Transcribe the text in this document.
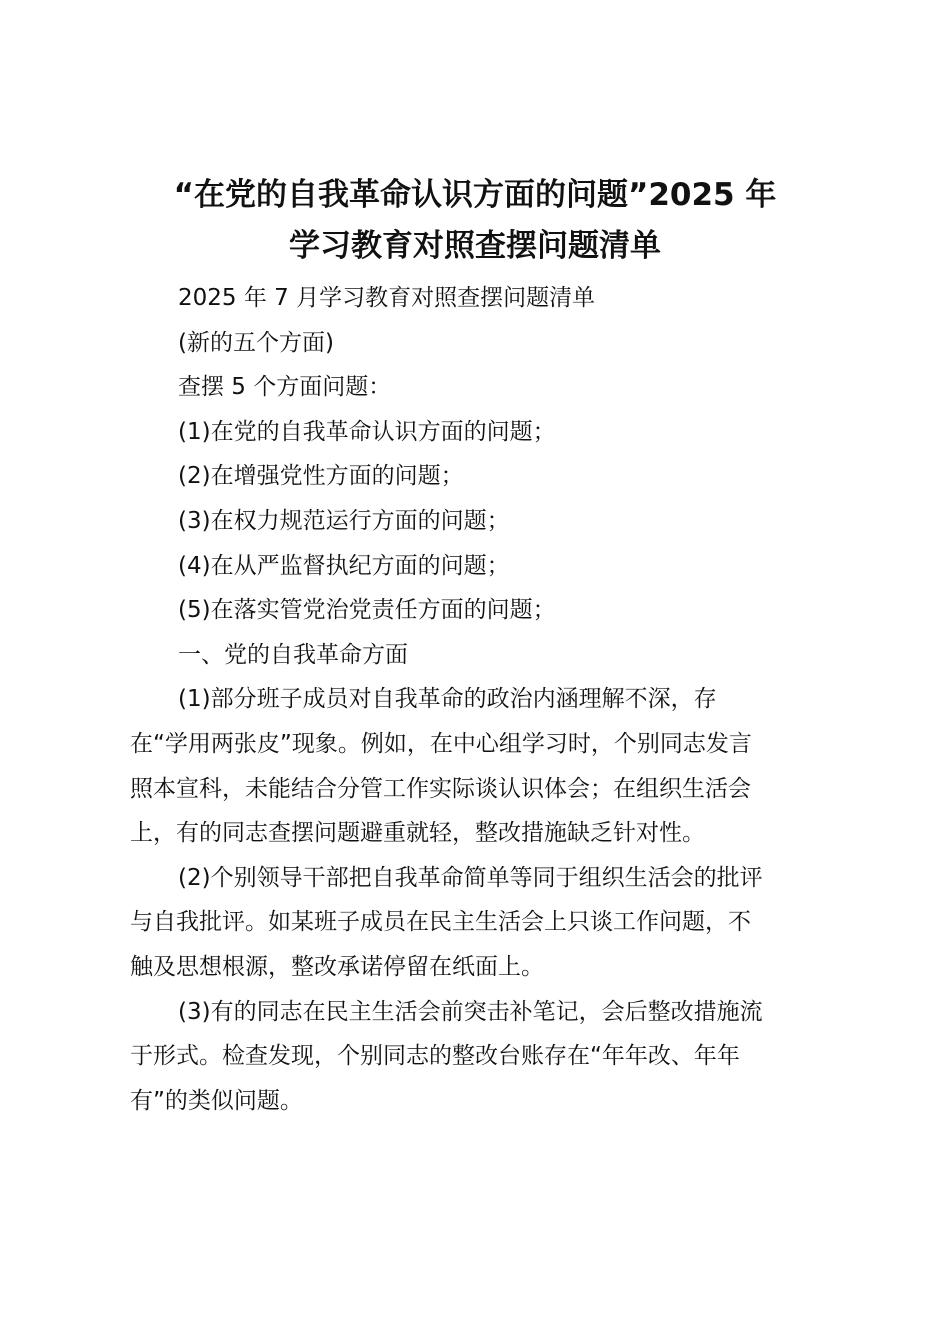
“在党的自我革命认识方面的问题”2025 年
学习教育对照查摆问题清单
2025 年 7 月学习教育对照查摆问题清单
(新的五个方面)
查摆 5 个方面问题：
(1)在党的自我革命认识方面的问题；
(2)在增强党性方面的问题；
(3)在权力规范运行方面的问题；
(4)在从严监督执纪方面的问题；
(5)在落实管党治党责任方面的问题；
一、党的自我革命方面
(1)部分班子成员对自我革命的政治内涵理解不深，存
在“学用两张皮”现象。例如，在中心组学习时，个别同志发言
照本宣科，未能结合分管工作实际谈认识体会；在组织生活会
上，有的同志查摆问题避重就轻，整改措施缺乏针对性。
(2)个别领导干部把自我革命简单等同于组织生活会的批评
与自我批评。如某班子成员在民主生活会上只谈工作问题，不
触及思想根源，整改承诺停留在纸面上。
(3)有的同志在民主生活会前突击补笔记，会后整改措施流
于形式。检查发现，个别同志的整改台账存在“年年改、年年
有”的类似问题。
